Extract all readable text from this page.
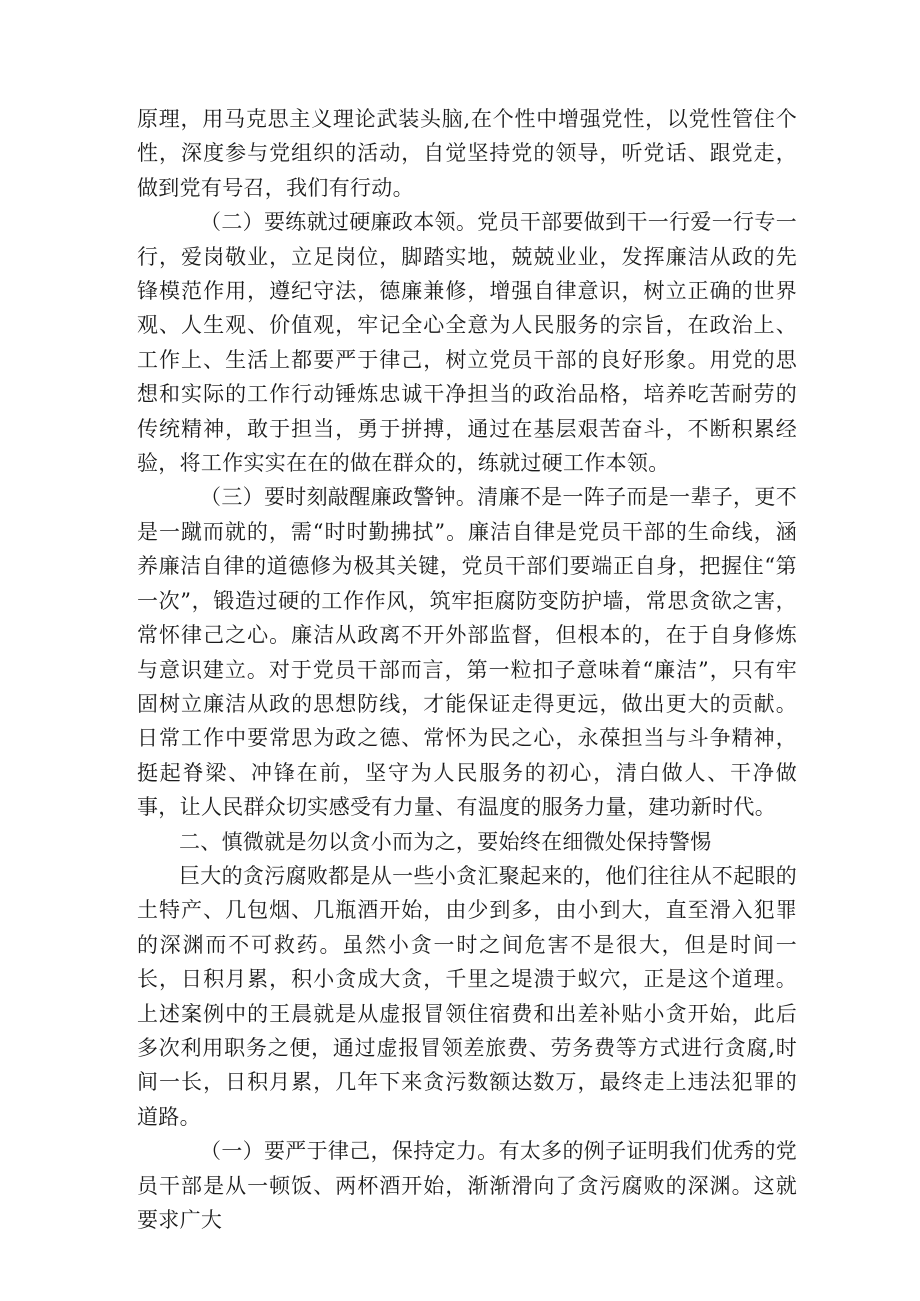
原理，用马克思主义理论武装头脑,在个性中增强党性，以党性管住个性，深度参与党组织的活动，自觉坚持党的领导，听党话、跟党走，做到党有号召，我们有行动。

（二）要练就过硬廉政本领。党员干部要做到干一行爱一行专一行，爱岗敬业，立足岗位，脚踏实地，兢兢业业，发挥廉洁从政的先锋模范作用，遵纪守法，德廉兼修，增强自律意识，树立正确的世界观、人生观、价值观，牢记全心全意为人民服务的宗旨，在政治上、工作上、生活上都要严于律己，树立党员干部的良好形象。用党的思想和实际的工作行动锤炼忠诚干净担当的政治品格，培养吃苦耐劳的传统精神，敢于担当，勇于拼搏，通过在基层艰苦奋斗，不断积累经验，将工作实实在在的做在群众的，练就过硬工作本领。

（三）要时刻敲醒廉政警钟。清廉不是一阵子而是一辈子，更不是一蹴而就的，需“时时勤拂拭”。廉洁自律是党员干部的生命线，涵养廉洁自律的道德修为极其关键，党员干部们要端正自身，把握住“第一次”，锻造过硬的工作作风，筑牢拒腐防变防护墙，常思贪欲之害，常怀律己之心。廉洁从政离不开外部监督，但根本的，在于自身修炼与意识建立。对于党员干部而言，第一粒扣子意味着“廉洁”，只有牢固树立廉洁从政的思想防线，才能保证走得更远，做出更大的贡献。日常工作中要常思为政之德、常怀为民之心，永葆担当与斗争精神，挺起脊梁、冲锋在前，坚守为人民服务的初心，清白做人、干净做事，让人民群众切实感受有力量、有温度的服务力量，建功新时代。

二、慎微就是勿以贪小而为之，要始终在细微处保持警惕

巨大的贪污腐败都是从一些小贪汇聚起来的，他们往往从不起眼的土特产、几包烟、几瓶酒开始，由少到多，由小到大，直至滑入犯罪的深渊而不可救药。虽然小贪一时之间危害不是很大，但是时间一长，日积月累，积小贪成大贪，千里之堤溃于蚁穴，正是这个道理。上述案例中的王晨就是从虚报冒领住宿费和出差补贴小贪开始，此后多次利用职务之便，通过虚报冒领差旅费、劳务费等方式进行贪腐,时间一长，日积月累，几年下来贪污数额达数万，最终走上违法犯罪的道路。

（一）要严于律己，保持定力。有太多的例子证明我们优秀的党员干部是从一顿饭、两杯酒开始，渐渐滑向了贪污腐败的深渊。这就要求广大
